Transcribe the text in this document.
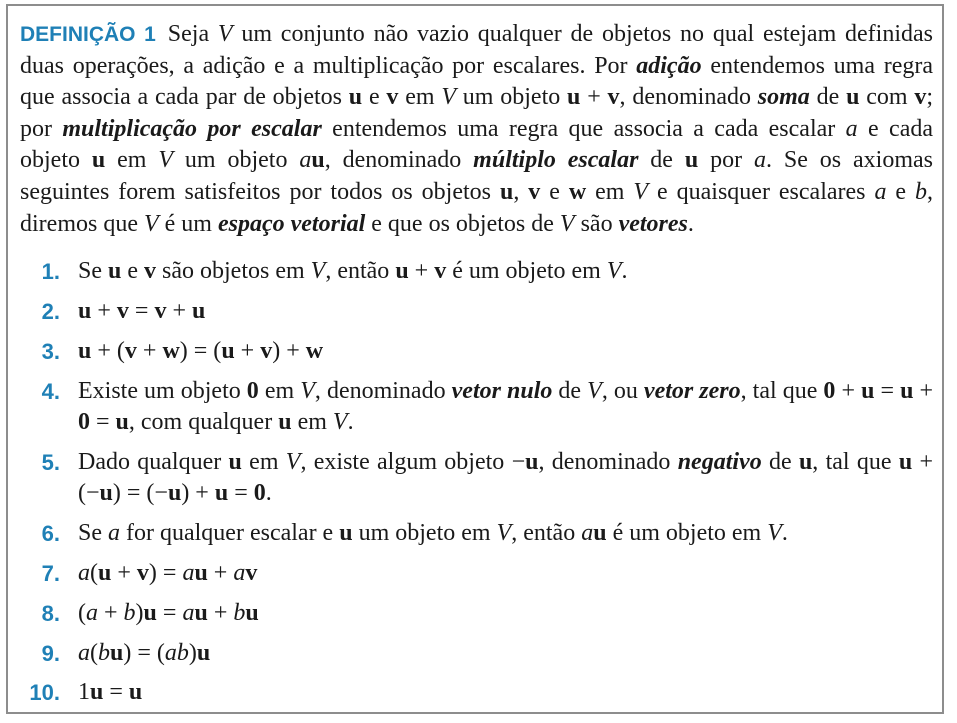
DEFINIÇÃO 1 Seja V um conjunto não vazio qualquer de objetos no qual estejam definidas duas operações, a adição e a multiplicação por escalares. Por adição entendemos uma regra que associa a cada par de objetos u e v em V um objeto u + v, denominado soma de u com v; por multiplicação por escalar entendemos uma regra que associa a cada escalar a e cada objeto u em V um objeto au, denominado múltiplo escalar de u por a. Se os axiomas seguintes forem satisfeitos por todos os objetos u, v e w em V e quaisquer escalares a e b, diremos que V é um espaço vetorial e que os objetos de V são vetores.

1. Se u e v são objetos em V, então u + v é um objeto em V.
2. u + v = v + u
3. u + (v + w) = (u + v) + w
4. Existe um objeto 0 em V, denominado vetor nulo de V, ou vetor zero, tal que 0 + u = u + 0 = u, com qualquer u em V.
5. Dado qualquer u em V, existe algum objeto −u, denominado negativo de u, tal que u + (−u) = (−u) + u = 0.
6. Se a for qualquer escalar e u um objeto em V, então au é um objeto em V.
7. a(u + v) = au + av
8. (a + b)u = au + bu
9. a(bu) = (ab)u
10. 1u = u
